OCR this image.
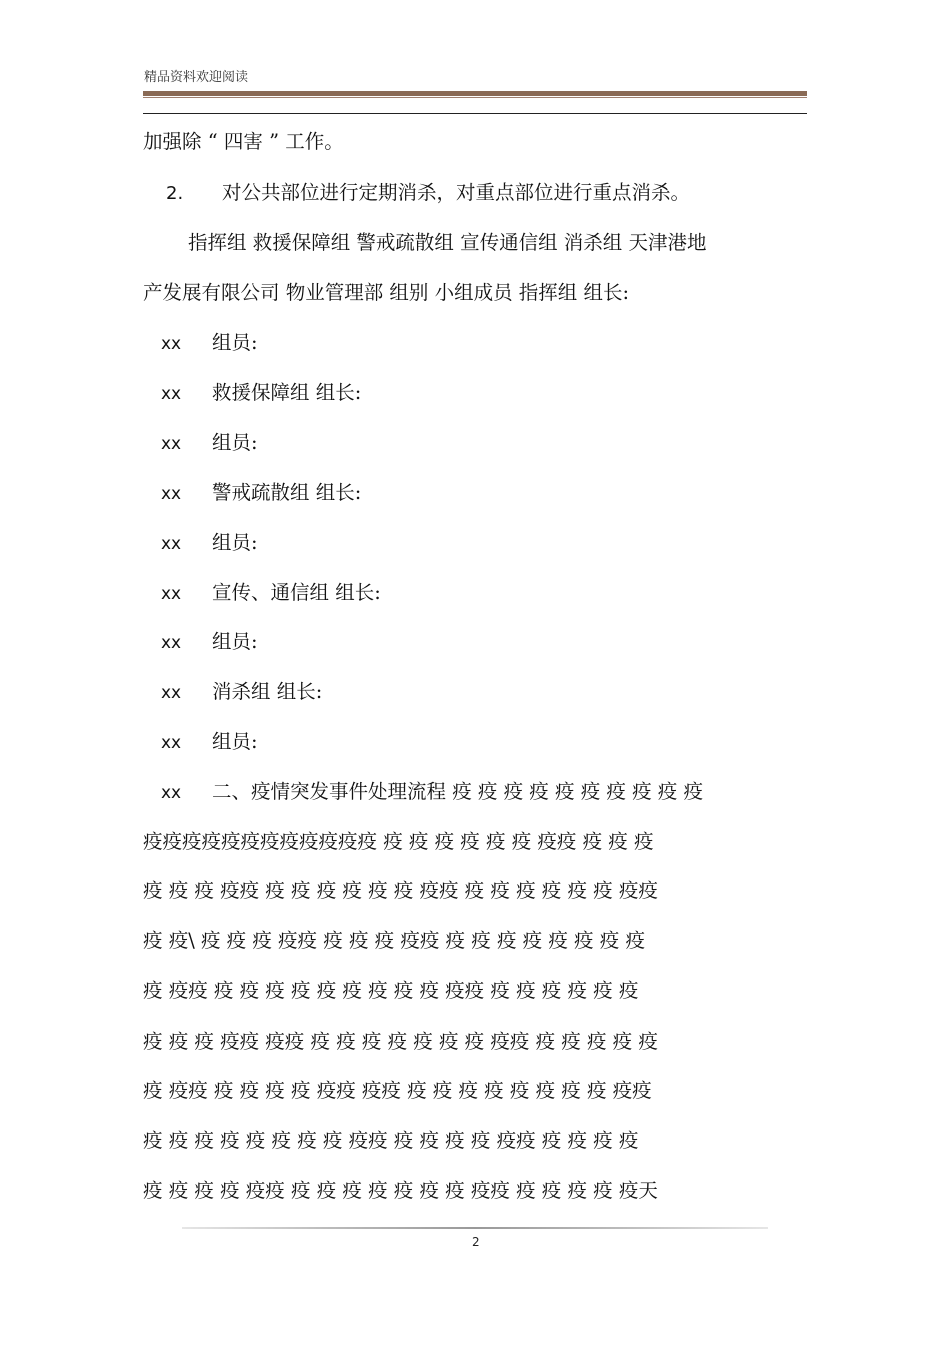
精品资料欢迎阅读
加强除 “ 四害 ” 工作。
2. 对公共部位进行定期消杀，对重点部位进行重点消杀。
指挥组 救援保障组 警戒疏散组 宣传通信组 消杀组 天津港地
产发展有限公司 物业管理部 组别 小组成员 指挥组 组长:
xx 组员:
xx 救援保障组 组长:
xx 组员:
xx 警戒疏散组 组长:
xx 组员:
xx 宣传、通信组 组长:
xx 组员:
xx 消杀组 组长:
xx 组员:
xx 二、疫情突发事件处理流程 疫 疫 疫 疫 疫 疫 疫 疫 疫 疫
疫疫疫疫疫疫疫疫疫疫疫疫 疫 疫 疫 疫 疫 疫 疫疫 疫 疫 疫
疫 疫 疫 疫疫 疫 疫 疫 疫 疫 疫 疫疫 疫 疫 疫 疫 疫 疫 疫疫
疫 疫\ 疫 疫 疫 疫疫 疫 疫 疫 疫疫 疫 疫 疫 疫 疫 疫 疫 疫
疫 疫疫 疫 疫 疫 疫 疫 疫 疫 疫 疫 疫疫 疫 疫 疫 疫 疫 疫
疫 疫 疫 疫疫 疫疫 疫 疫 疫 疫 疫 疫 疫 疫疫 疫 疫 疫 疫 疫
疫 疫疫 疫 疫 疫 疫 疫疫 疫疫 疫 疫 疫 疫 疫 疫 疫 疫 疫疫
疫 疫 疫 疫 疫 疫 疫 疫 疫疫 疫 疫 疫 疫 疫疫 疫 疫 疫 疫
疫 疫 疫 疫 疫疫 疫 疫 疫 疫 疫 疫 疫 疫疫 疫 疫 疫 疫 疫天
2
